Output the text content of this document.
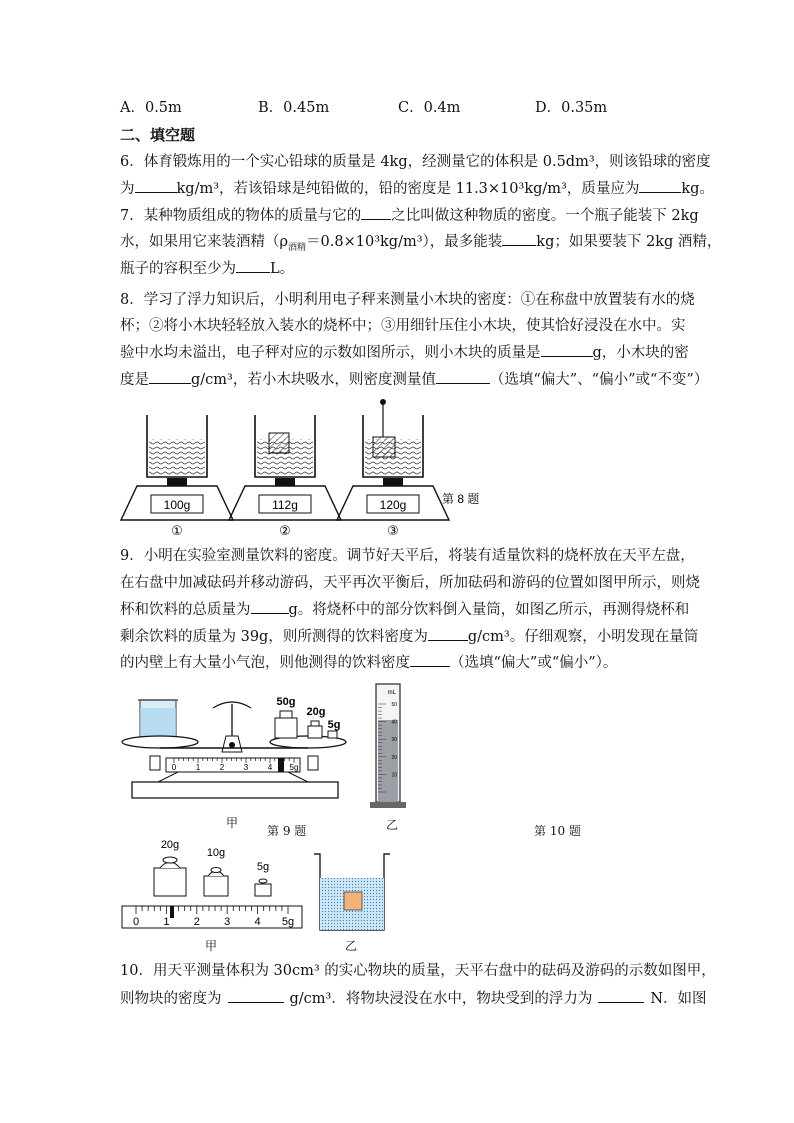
A．0.5m	B．0.45m	C．0.4m	D．0.35m
二、填空题
6．体育锻炼用的一个实心铅球的质量是 4kg，经测量它的体积是 0.5dm³，则该铅球的密度
为	kg/m³，若该铅球是纯铅做的，铅的密度是 11.3×10³kg/m³，质量应为	kg。
7．某种物质组成的物体的质量与它的 之比叫做这种物质的密度。一个瓶子能装下 2kg
水，如果用它来装酒精$(\rho_{酒精}=0.8\times 10^3kg/m^3)$，最多能装 kg；如果要装下 2kg 酒精，
瓶子的容积至少为 L。
8．学习了浮力知识后，小明利用电子秤来测量小木块的密度：①在称盘中放置装有水的烧
杯；②将小木块轻轻放入装水的烧杯中；③用细针压住小木块，使其恰好浸没在水中。实
验中水均未溢出，电子秤对应的示数如图所示，则小木块的质量是	g，小木块的密
度是	g/cm³，若小木块吸水，则密度测量值	（选填“偏大”、“偏小”或“不变”）
100g
①
112g
②
120g
③
第 8 题
9．小明在实验室测量饮料的密度。调节好天平后，将装有适量饮料的烧杯放在天平左盘，
在右盘中加减砝码并移动游码，天平再次平衡后，所加砝码和游码的位置如图甲所示，则烧
杯和饮料的总质量为	g。将烧杯中的部分饮料倒入量筒，如图乙所示，再测得烧杯和
剩余饮料的质量为 39g，则所测得的饮料密度为	g/cm³。仔细观察，小明发现在量筒
的内壁上有大量小气泡，则他测得的饮料密度	（选填“偏大”或“偏小”）。
50g
20g
5g
0 1 2 3 4 5g
甲
第 9 题
mL
50
40
30
20
10
乙	第 10 题
20g
10g
5g
0 1 2 3 4 5g
甲	乙
10．用天平测量体积为 30cm³ 的实心物块的质量，天平右盘中的砝码及游码的示数如图甲，
则物块的密度为	g/cm³．将物块浸没在水中，物块受到的浮力为	N．如图
